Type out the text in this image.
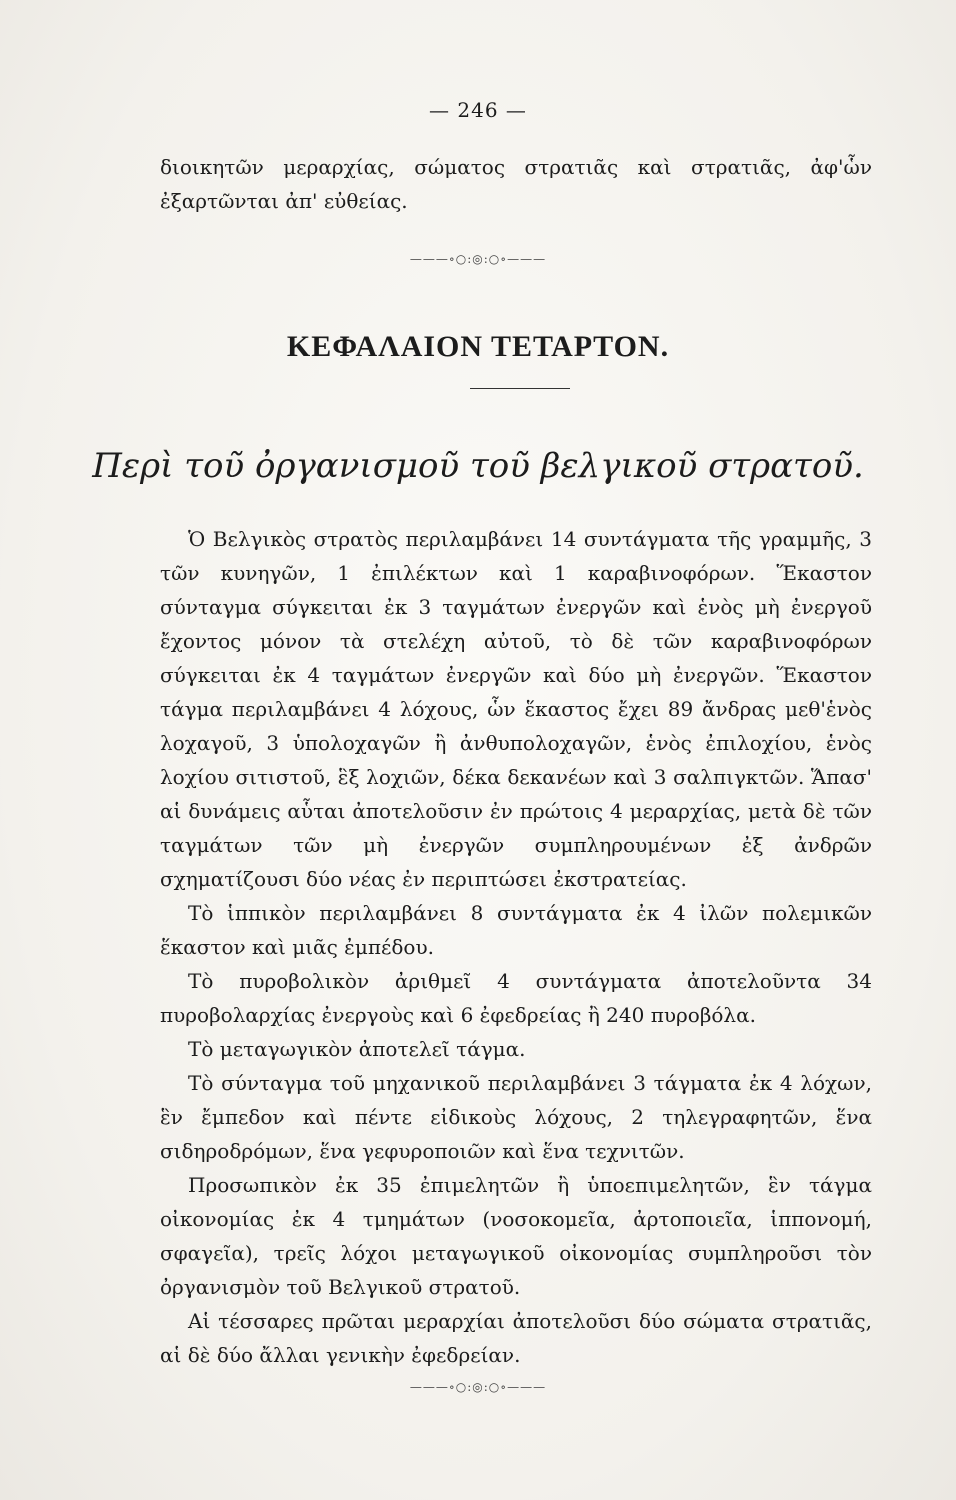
— 246 —

διοικητῶν μεραρχίας, σώματος στρατιᾶς καὶ στρατιᾶς, ἀφ'ὧν ἐξαρτῶνται ἀπ' εὐθείας.

———∘○:◎:○∘———
ΚΕΦΑΛΑΙΟΝ ΤΕΤΑΡΤΟΝ.
Περὶ τοῦ ὀργανισμοῦ τοῦ βελγικοῦ στρατοῦ.

Ὁ Βελγικὸς στρατὸς περιλαμβάνει 14 συντάγματα τῆς γραμμῆς, 3 τῶν κυνηγῶν, 1 ἐπιλέκτων καὶ 1 καραβινοφόρων. Ἕκαστον σύνταγμα σύγκειται ἐκ 3 ταγμάτων ἐνεργῶν καὶ ἑνὸς μὴ ἐνεργοῦ ἔχοντος μόνον τὰ στελέχη αὐτοῦ, τὸ δὲ τῶν καραβινοφόρων σύγκειται ἐκ 4 ταγμάτων ἐνεργῶν καὶ δύο μὴ ἐνεργῶν. Ἕκαστον τάγμα περιλαμβάνει 4 λόχους, ὧν ἕκαστος ἔχει 89 ἄνδρας μεθ'ἑνὸς λοχαγοῦ, 3 ὑπολοχαγῶν ἢ ἀνθυπολοχαγῶν, ἑνὸς ἐπιλοχίου, ἑνὸς λοχίου σιτιστοῦ, ἓξ λοχιῶν, δέκα δεκανέων καὶ 3 σαλπιγκτῶν. Ἅπασ' αἱ δυνάμεις αὗται ἀποτελοῦσιν ἐν πρώτοις 4 μεραρχίας, μετὰ δὲ τῶν ταγμάτων τῶν μὴ ἐνεργῶν συμπληρουμένων ἐξ ἀνδρῶν σχηματίζουσι δύο νέας ἐν περιπτώσει ἐκστρατείας.

Τὸ ἱππικὸν περιλαμβάνει 8 συντάγματα ἐκ 4 ἰλῶν πολεμικῶν ἕκαστον καὶ μιᾶς ἐμπέδου.

Τὸ πυροβολικὸν ἀριθμεῖ 4 συντάγματα ἀποτελοῦντα 34 πυροβολαρχίας ἐνεργοὺς καὶ 6 ἐφεδρείας ἢ 240 πυροβόλα.

Τὸ μεταγωγικὸν ἀποτελεῖ τάγμα.

Τὸ σύνταγμα τοῦ μηχανικοῦ περιλαμβάνει 3 τάγματα ἐκ 4 λόχων, ἓν ἔμπεδον καὶ πέντε εἰδικοὺς λόχους, 2 τηλεγραφητῶν, ἕνα σιδηροδρόμων, ἕνα γεφυροποιῶν καὶ ἕνα τεχνιτῶν.

Προσωπικὸν ἐκ 35 ἐπιμελητῶν ἢ ὑποεπιμελητῶν, ἓν τάγμα οἰκονομίας ἐκ 4 τμημάτων (νοσοκομεῖα, ἀρτοποιεῖα, ἱππονομή, σφαγεῖα), τρεῖς λόχοι μεταγωγικοῦ οἰκονομίας συμπληροῦσι τὸν ὀργανισμὸν τοῦ Βελγικοῦ στρατοῦ.

Αἱ τέσσαρες πρῶται μεραρχίαι ἀποτελοῦσι δύο σώματα στρατιᾶς, αἱ δὲ δύο ἄλλαι γενικὴν ἐφεδρείαν.

———∘○:◎:○∘———
